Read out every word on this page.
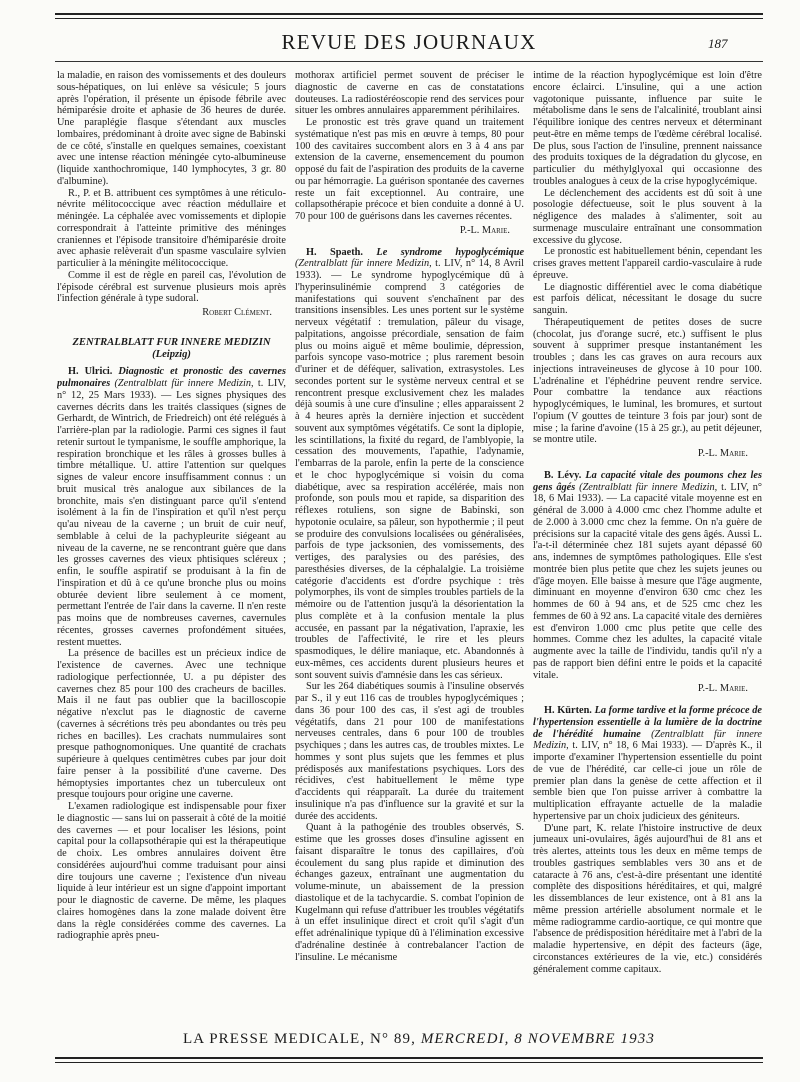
REVUE DES JOURNAUX	187

la maladie, en raison des vomissements et des douleurs sous-hépatiques, on lui enlève sa vésicule; 5 jours après l'opération, il présente un épisode fébrile avec hémiparésie droite et aphasie de 36 heures de durée. Une paraplégie flasque s'étendant aux muscles lombaires, prédominant à droite avec signe de Babinski de ce côté, s'installe en quelques semaines, coexistant avec une intense réaction méningée cyto-albumineuse (liquide xanthochromique, 140 lymphocytes, 3 gr. 80 d'albumine).

R., P. et B. attribuent ces symptômes à une réticulo-névrite mélitococcique avec réaction médullaire et méningée. La céphalée avec vomissements et diplopie correspondrait à l'atteinte primitive des méninges craniennes et l'épisode transitoire d'hémiparésie droite avec aphasie relèverait d'un spasme vasculaire sylvien particulier à la méningite mélitococcique.

Comme il est de règle en pareil cas, l'évolution de l'épisode cérébral est survenue plusieurs mois après l'infection générale à type sudoral.

Robert Clément.
ZENTRALBLATT FUR INNERE MEDIZIN
(Leipzig)

H. Ulrici. Diagnostic et pronostic des cavernes pulmonaires (Zentralblatt für innere Medizin, t. LIV, n° 12, 25 Mars 1933). — Les signes physiques des cavernes décrits dans les traités classiques (signes de Gerhardt, de Wintrich, de Friedreich) ont été relégués à l'arrière-plan par la radiologie. Parmi ces signes il faut retenir surtout le tympanisme, le souffle amphorique, la respiration bronchique et les râles à grosses bulles à timbre métallique. U. attire l'attention sur quelques signes de valeur encore insuffisamment connus : un bruit musical très analogue aux sibilances de la bronchite, mais s'en distinguant parce qu'il s'entend isolément à la fin de l'inspiration et qu'il n'est perçu qu'au niveau de la caverne ; un bruit de cuir neuf, semblable à celui de la pachypleurite siégeant au niveau de la caverne, ne se rencontrant guère que dans les grosses cavernes des vieux phtisiques scléreux ; enfin, le souffle aspiratif se produisant à la fin de l'inspiration et dû à ce qu'une bronche plus ou moins obturée devient libre seulement à ce moment, permettant l'entrée de l'air dans la caverne. Il n'en reste pas moins que de nombreuses cavernes, cavernules récentes, grosses cavernes profondément situées, restent muettes.

La présence de bacilles est un précieux indice de l'existence de cavernes. Avec une technique radiologique perfectionnée, U. a pu dépister des cavernes chez 85 pour 100 des cracheurs de bacilles. Mais il ne faut pas oublier que la bacilloscopie négative n'exclut pas le diagnostic de caverne (cavernes à sécrétions très peu abondantes ou très peu riches en bacilles). Les crachats nummulaires sont presque pathognomoniques. Une quantité de crachats supérieure à quelques centimètres cubes par jour doit faire penser à la possibilité d'une caverne. Des hémoptysies importantes chez un tuberculeux ont presque toujours pour origine une caverne.

L'examen radiologique est indispensable pour fixer le diagnostic — sans lui on passerait à côté de la moitié des cavernes — et pour localiser les lésions, point capital pour la collapsothérapie qui est la thérapeutique de choix. Les ombres annulaires doivent être considérées aujourd'hui comme traduisant pour ainsi dire toujours une caverne ; l'existence d'un niveau liquide à leur intérieur est un signe d'appoint important pour le diagnostic de caverne. De même, les plaques claires homogènes dans la zone malade doivent être dans la règle considérées comme des cavernes. La radiographie après pneu-

mothorax artificiel permet souvent de préciser le diagnostic de caverne en cas de constatations douteuses. La radiostéréoscopie rend des services pour situer les ombres annulaires apparemment périhilaires.

Le pronostic est très grave quand un traitement systématique n'est pas mis en œuvre à temps, 80 pour 100 des cavitaires succombent alors en 3 à 4 ans par extension de la caverne, ensemencement du poumon opposé du fait de l'aspiration des produits de la caverne ou par hémorragie. La guérison spontanée des cavernes reste un fait exceptionnel. Au contraire, une collapsothérapie précoce et bien conduite a donné à U. 70 pour 100 de guérisons dans les cavernes récentes.

P.-L. Marie.

H. Spaeth. Le syndrome hypoglycémique (Zentralblatt für innere Medizin, t. LIV, n° 14, 8 Avril 1933). — Le syndrome hypoglycémique dû à l'hyperinsulinémie comprend 3 catégories de manifestations qui souvent s'enchaînent par des transitions insensibles. Les unes portent sur le système nerveux végétatif : tremulation, pâleur du visage, palpitations, angoisse précordiale, sensation de faim plus ou moins aiguë et même boulimie, dépression, parfois syncope vaso-motrice ; plus rarement besoin d'uriner et de déféquer, salivation, extrasystoles. Les secondes portent sur le système nerveux central et se rencontrent presque exclusivement chez les malades déjà soumis à une cure d'insuline ; elles apparaissent 2 à 4 heures après la dernière injection et succèdent souvent aux symptômes végétatifs. Ce sont la diplopie, les scintillations, la fixité du regard, de l'amblyopie, la cessation des mouvements, l'apathie, l'adynamie, l'embarras de la parole, enfin la perte de la conscience et le choc hypoglycémique si voisin du coma diabétique, avec sa respiration accélérée, mais non profonde, son pouls mou et rapide, sa disparition des réflexes rotuliens, son signe de Babinski, son hypotonie oculaire, sa pâleur, son hypothermie ; il peut se produire des convulsions localisées ou généralisées, parfois de type jacksonien, des vomissements, des vertiges, des paralysies ou des parésies, des paresthésies diverses, de la céphalalgie. La troisième catégorie d'accidents est d'ordre psychique : très polymorphes, ils vont de simples troubles partiels de la mémoire ou de l'attention jusqu'à la désorientation la plus complète et à la confusion mentale la plus accusée, en passant par la négativation, l'apraxie, les troubles de l'affectivité, le rire et les pleurs spasmodiques, le délire maniaque, etc. Abandonnés à eux-mêmes, ces accidents durent plusieurs heures et sont souvent suivis d'amnésie dans les cas sérieux.

Sur les 264 diabétiques soumis à l'insuline observés par S., il y eut 116 cas de troubles hypoglycémiques ; dans 36 pour 100 des cas, il s'est agi de troubles végétatifs, dans 21 pour 100 de manifestations nerveuses centrales, dans 6 pour 100 de troubles psychiques ; dans les autres cas, de troubles mixtes. Le hommes y sont plus sujets que les femmes et plus prédisposés aux manifestations psychiques. Lors des récidives, c'est habituellement le même type d'accidents qui réapparaît. La durée du traitement insulinique n'a pas d'influence sur la gravité et sur la durée des accidents.

Quant à la pathogénie des troubles observés, S. estime que les grosses doses d'insuline agissent en faisant disparaître le tonus des capillaires, d'où écoulement du sang plus rapide et diminution des échanges gazeux, entraînant une augmentation du volume-minute, un abaissement de la pression diastolique et de la tachycardie. S. combat l'opinion de Kugelmann qui refuse d'attribuer les troubles végétatifs à un effet insulinique direct et croit qu'il s'agit d'un effet adrénalinique typique dû à l'élimination excessive d'adrénaline destinée à contrebalancer l'action de l'insuline. Le mécanisme

intime de la réaction hypoglycémique est loin d'être encore éclairci. L'insuline, qui a une action vagotonique puissante, influence par suite le métabolisme dans le sens de l'alcalinité, troublant ainsi l'équilibre ionique des centres nerveux et déterminant peut-être en même temps de l'œdème cérébral localisé. De plus, sous l'action de l'insuline, prennent naissance des produits toxiques de la dégradation du glycose, en particulier du méthylglyoxal qui occasionne des troubles analogues à ceux de la crise hypoglycémique.

Le déclenchement des accidents est dû soit à une posologie défectueuse, soit le plus souvent à la négligence des malades à s'alimenter, soit au surmenage musculaire entraînant une consommation excessive du glycose.

Le pronostic est habituellement bénin, cependant les crises graves mettent l'appareil cardio-vasculaire à rude épreuve.

Le diagnostic différentiel avec le coma diabétique est parfois délicat, nécessitant le dosage du sucre sanguin.

Thérapeutiquement de petites doses de sucre (chocolat, jus d'orange sucré, etc.) suffisent le plus souvent à supprimer presque instantanément les troubles ; dans les cas graves on aura recours aux injections intraveineuses de glycose à 10 pour 100. L'adrénaline et l'éphédrine peuvent rendre service. Pour combattre la tendance aux réactions hypoglycémiques, le luminal, les bromures, et surtout l'opium (V gouttes de teinture 3 fois par jour) sont de mise ; la farine d'avoine (15 à 25 gr.), au petit déjeuner, se montre utile.

P.-L. Marie.

B. Lévy. La capacité vitale des poumons chez les gens âgés (Zentralblatt für innere Medizin, t. LIV, n° 18, 6 Mai 1933). — La capacité vitale moyenne est en général de 3.000 à 4.000 cmc chez l'homme adulte et de 2.000 à 3.000 cmc chez la femme. On n'a guère de précisions sur la capacité vitale des gens âgés. Aussi L. l'a-t-il déterminée chez 181 sujets ayant dépassé 60 ans, indemnes de symptômes pathologiques. Elle s'est montrée bien plus petite que chez les sujets jeunes ou d'âge moyen. Elle baisse à mesure que l'âge augmente, diminuant en moyenne d'environ 630 cmc chez les hommes de 60 à 94 ans, et de 525 cmc chez les femmes de 60 à 92 ans. La capacité vitale des dernières est d'environ 1.000 cmc plus petite que celle des hommes. Comme chez les adultes, la capacité vitale augmente avec la taille de l'individu, tandis qu'il n'y a pas de rapport bien défini entre le poids et la capacité vitale.

P.-L. Marie.

H. Kürten. La forme tardive et la forme précoce de l'hypertension essentielle à la lumière de la doctrine de l'hérédité humaine (Zentralblatt für innere Medizin, t. LIV, n° 18, 6 Mai 1933). — D'après K., il importe d'examiner l'hypertension essentielle du point de vue de l'hérédité, car celle-ci joue un rôle de premier plan dans la genèse de cette affection et il semble bien que l'on puisse arriver à combattre la multiplication effrayante actuelle de la maladie hypertensive par un choix judicieux des géniteurs.

D'une part, K. relate l'histoire instructive de deux jumeaux uni-ovulaires, âgés aujourd'hui de 81 ans et très alertes, atteints tous les deux en même temps de troubles gastriques semblables vers 30 ans et de cataracte à 76 ans, c'est-à-dire présentant une identité complète des dispositions héréditaires, et qui, malgré les dissemblances de leur existence, ont à 81 ans la même pression artérielle absolument normale et le même radiogramme cardio-aortique, ce qui montre que l'absence de prédisposition héréditaire met à l'abri de la maladie hypertensive, en dépit des facteurs (âge, circonstances extérieures de la vie, etc.) considérés généralement comme capitaux.

LA PRESSE MEDICALE, N° 89, MERCREDI, 8 NOVEMBRE 1933
